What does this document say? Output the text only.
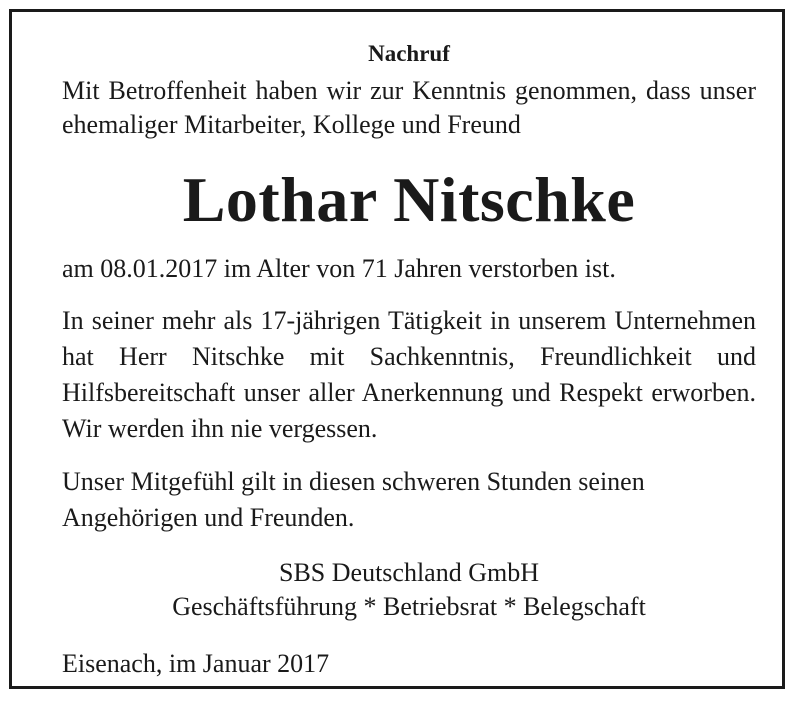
Nachruf

Mit Betroffenheit haben wir zur Kenntnis genommen, dass unser ehemaliger Mitarbeiter, Kollege und Freund

Lothar Nitschke

am 08.01.2017 im Alter von 71 Jahren verstorben ist.

In seiner mehr als 17-jährigen Tätigkeit in unserem Unternehmen hat Herr Nitschke mit Sachkenntnis, Freundlichkeit und Hilfsbereitschaft unser aller Anerkennung und Respekt erworben. Wir werden ihn nie vergessen.

Unser Mitgefühl gilt in diesen schweren Stunden seinen Angehörigen und Freunden.

SBS Deutschland GmbH
Geschäftsführung * Betriebsrat * Belegschaft

Eisenach, im Januar 2017
